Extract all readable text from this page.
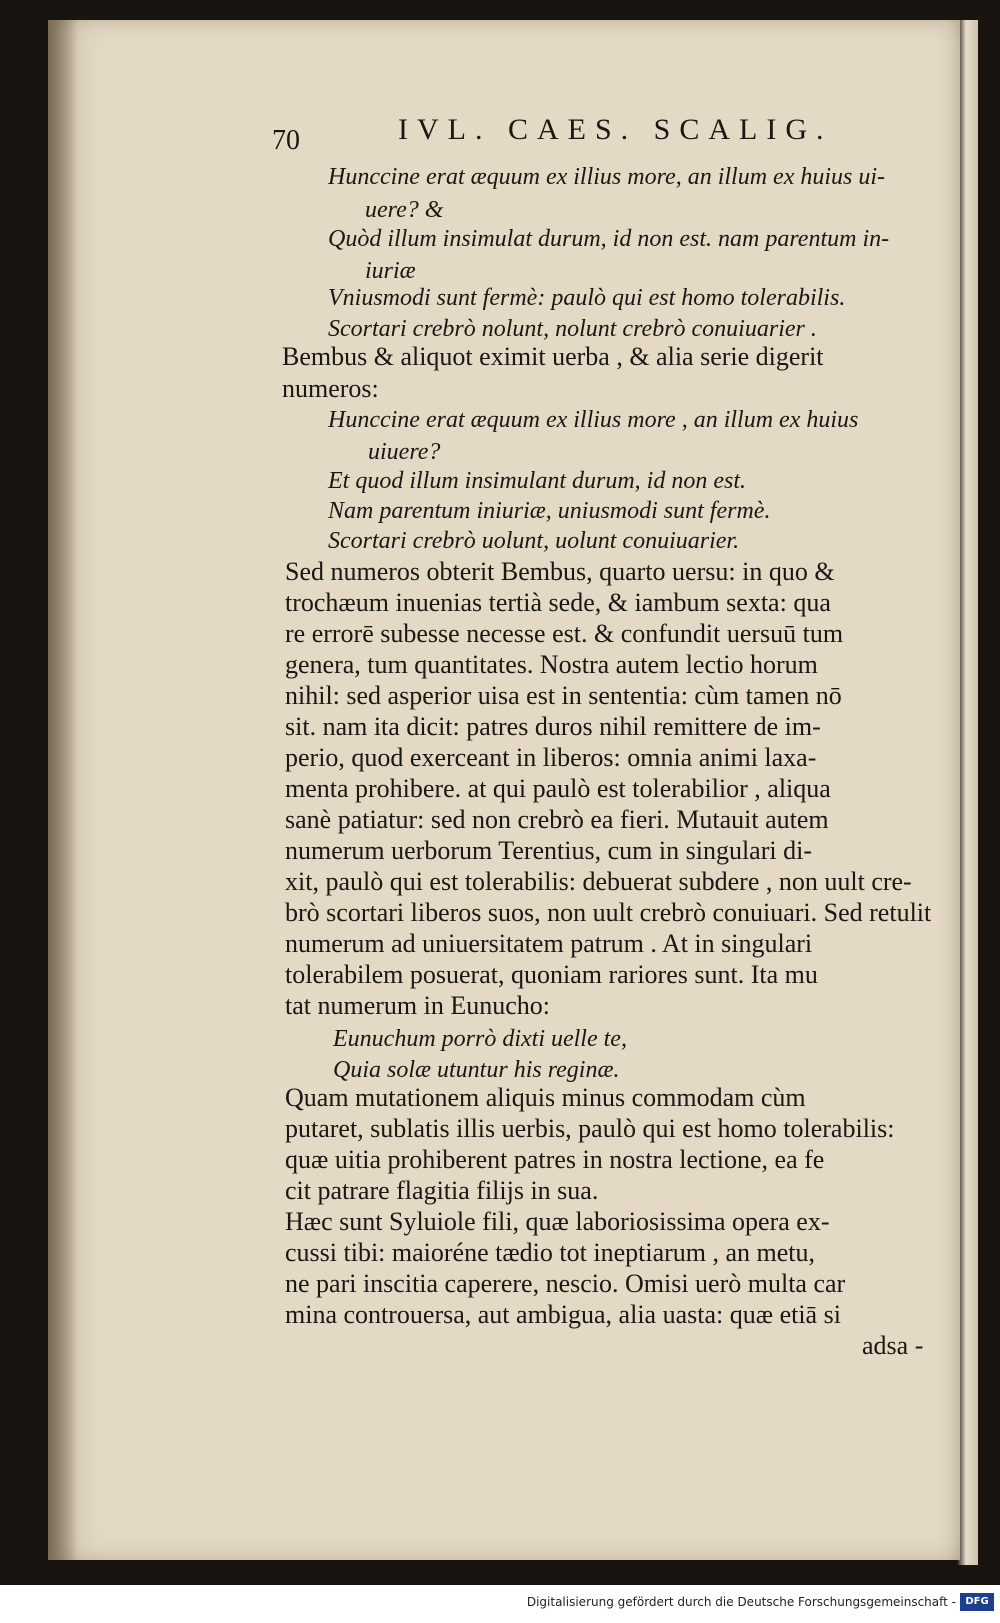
70	IVL. CAES. SCALIG.
Hunccine erat æquum ex illius more, an illum ex huius ui-
uere? &
Quòd illum insimulat durum, id non est. nam parentum in-
iuriæ
Vniusmodi sunt fermè: paulò qui est homo tolerabilis.
Scortari crebrò nolunt, nolunt crebrò conuiuarier .
Bembus & aliquot eximit uerba , & alia serie digerit
numeros:
Hunccine erat æquum ex illius more , an illum ex huius
uiuere?
Et quod illum insimulant durum, id non est.
Nam parentum iniuriæ, uniusmodi sunt fermè.
Scortari crebrò uolunt, uolunt conuiuarier.
Sed numeros obterit Bembus, quarto uersu: in quo &
trochæum inuenias tertià sede, & iambum sexta: qua
re errorē subesse necesse est. & confundit uersuū tum
genera, tum quantitates. Nostra autem lectio horum
nihil: sed asperior uisa est in sententia: cùm tamen nō
sit. nam ita dicit: patres duros nihil remittere de im-
perio, quod exerceant in liberos: omnia animi laxa-
menta prohibere. at qui paulò est tolerabilior , aliqua
sanè patiatur: sed non crebrò ea fieri. Mutauit autem
numerum uerborum Terentius, cum in singulari di-
xit, paulò qui est tolerabilis: debuerat subdere , non uult cre-
brò scortari liberos suos, non uult crebrò conuiuari. Sed retulit
numerum ad uniuersitatem patrum . At in singulari
tolerabilem posuerat, quoniam rariores sunt. Ita mu
tat numerum in Eunucho:
Eunuchum porrò dixti uelle te,
Quia solæ utuntur his reginæ.
Quam mutationem aliquis minus commodam cùm
putaret, sublatis illis uerbis, paulò qui est homo tolerabilis:
quæ uitia prohiberent patres in nostra lectione, ea fe
cit patrare flagitia filijs in sua.
Hæc sunt Syluiole fili, quæ laboriosissima opera ex-
cussi tibi: maioréne tædio tot ineptiarum , an metu,
ne pari inscitia caperere, nescio. Omisi uerò multa car
mina controuersa, aut ambigua, alia uasta: quæ etiā si
adsa -
Digitalisierung gefördert durch die Deutsche Forschungsgemeinschaft - DFG
